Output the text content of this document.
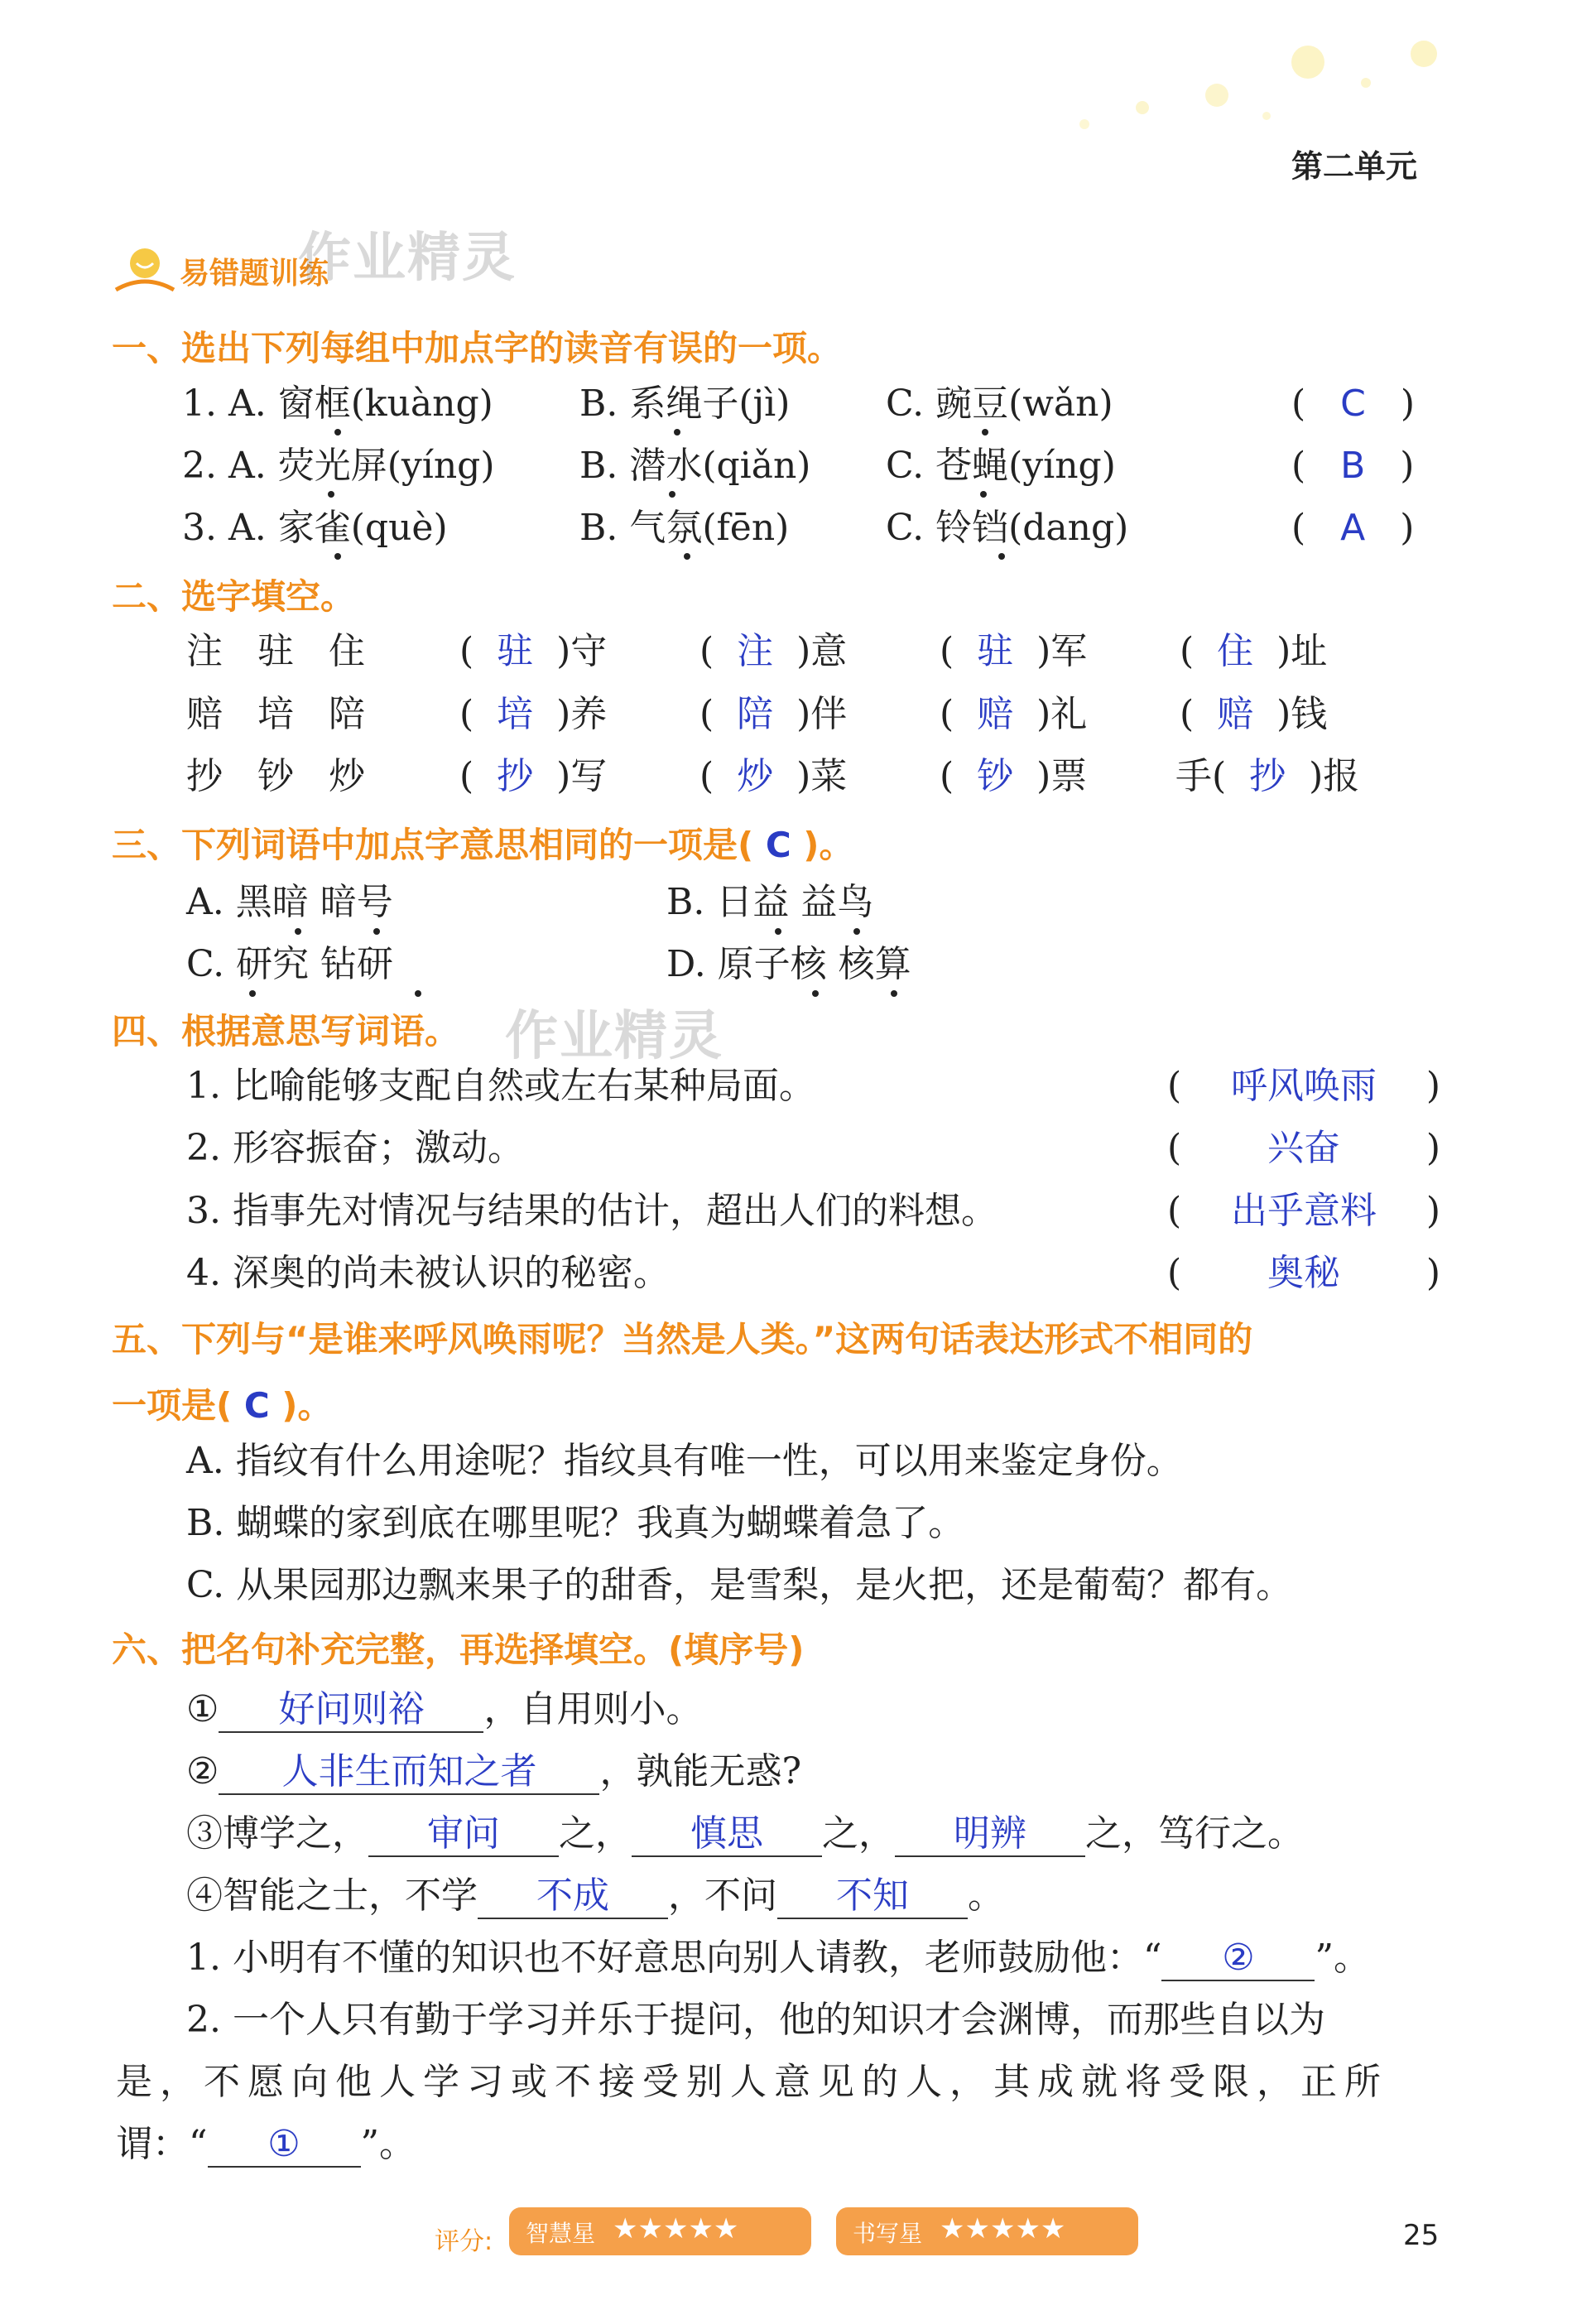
第二单元
易错题训练
作业精灵
一、选出下列每组中加点字的读音有误的一项。
1. A. 窗框(kuàng) B. 系绳子(jì)	C. 豌豆(wǎn)	(   C   )
2. A. 荧光屏(yíng) B. 潜水(qiǎn) C. 苍蝇(yíng)	(   B   )
3. A. 家雀(què)	B. 气氛(fēn)	C. 铃铛(dang)	(   A   )
二、选字填空。
注 驻 住 (  驻  )守	(  注  )意	(  驻  )军	(  住  )址
赔 培 陪 (  培  )养	(  陪  )伴	(  赔  )礼	(  赔  )钱
抄 钞 炒 (  抄  )写	(  炒  )菜	(  钞  )票 手(  抄  )报
三、下列词语中加点字意思相同的一项是( C )。
A. 黑暗 暗号	B. 日益 益鸟
C. 研究 钻研	D. 原子核 核算
作业精灵
四、根据意思写词语。
1. 比喻能够支配自然或左右某种局面。	(	呼风唤雨	)
2. 形容振奋；激动。	(	兴奋	)
3. 指事先对情况与结果的估计，超出人们的料想。	(	出乎意料	)
4. 深奥的尚未被认识的秘密。	(	奥秘	)
五、下列与“是谁来呼风唤雨呢？当然是人类。”这两句话表达形式不相同的
一项是( C )。
A. 指纹有什么用途呢？指纹具有唯一性，可以用来鉴定身份。
B. 蝴蝶的家到底在哪里呢？我真为蝴蝶着急了。
C. 从果园那边飘来果子的甜香，是雪梨，是火把，还是葡萄？都有。
六、把名句补充完整，再选择填空。(填序号)
① 好问则裕 ，自用则小。
② 人非生而知之者 ，孰能无惑?
③博学之， 审问 之， 慎思 之， 明辨 之，笃行之。
④智能之士，不学 不成 ，不问 不知 。
1. 小明有不懂的知识也不好意思向别人请教，老师鼓励他：“ ② ”。
2. 一个人只有勤于学习并乐于提问，他的知识才会渊博，而那些自以为
是，不愿向他人学习或不接受别人意见的人，其成就将受限，正所
谓：“ ① ”。
评分: 智慧星 ★★★★★	书写星 ★★★★★	25
